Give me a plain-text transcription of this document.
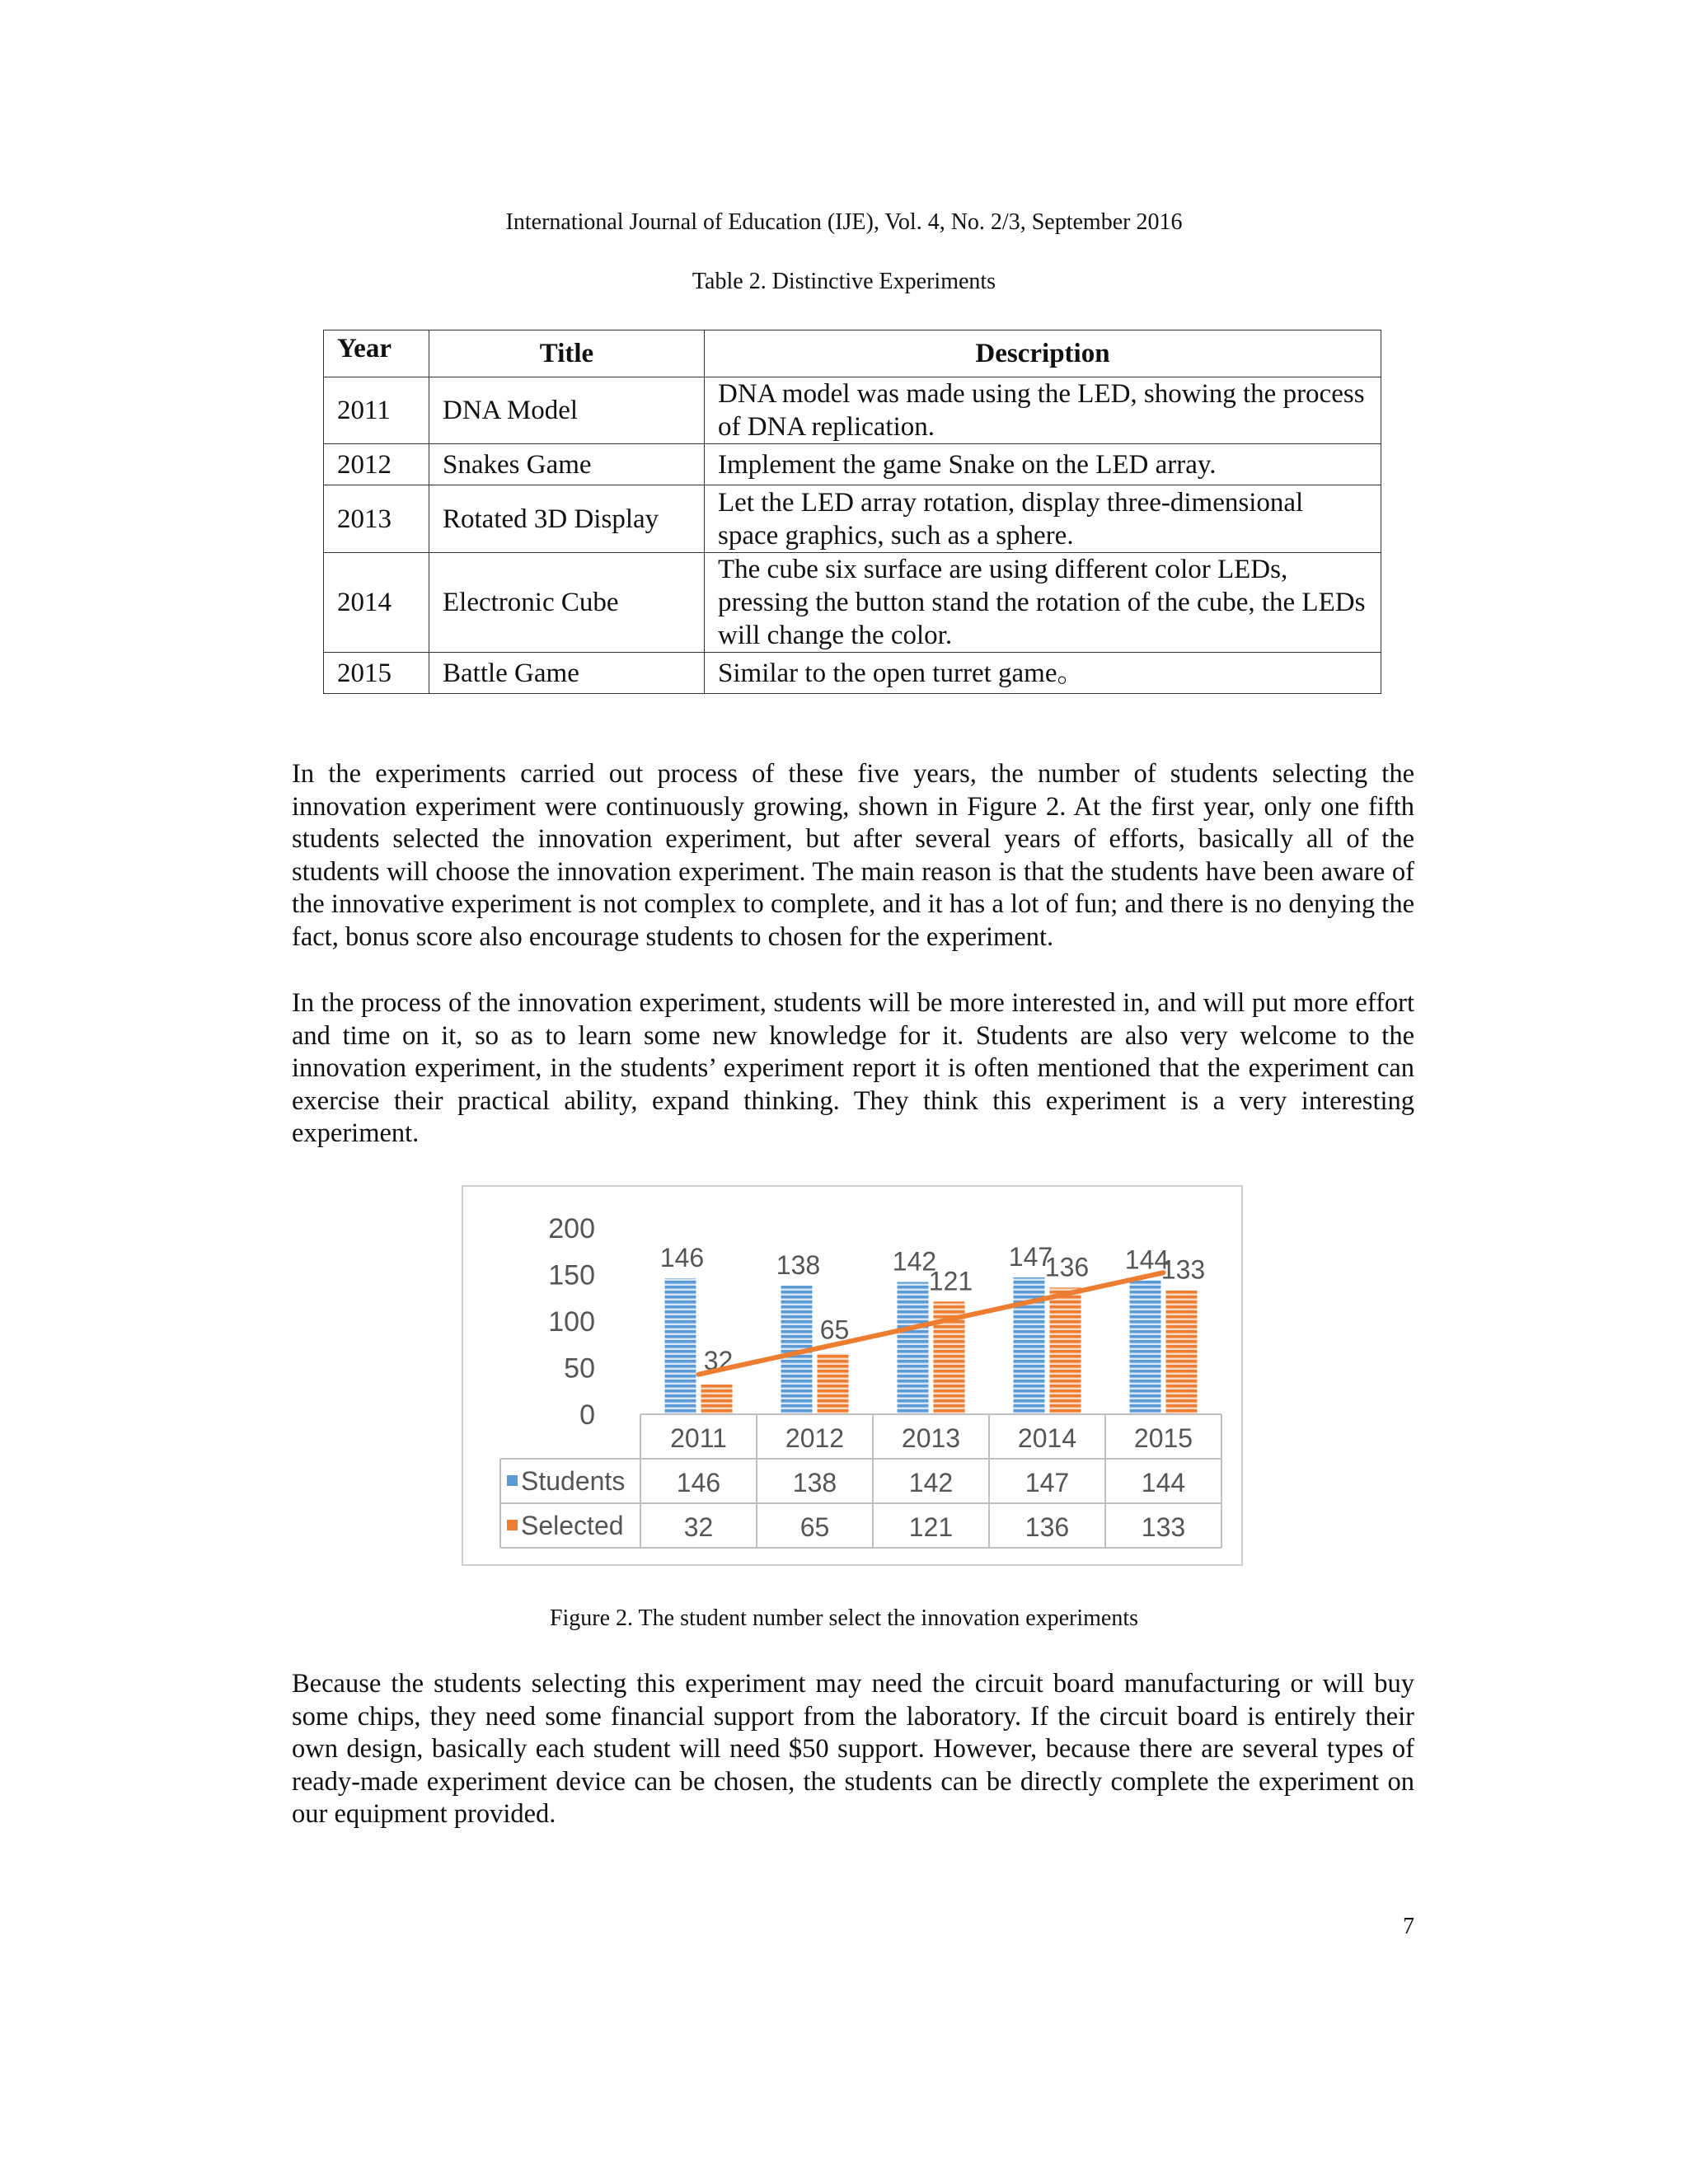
International Journal of Education (IJE), Vol. 4, No. 2/3, September 2016
Table 2. Distinctive Experiments
Year	Title	Description
2011	DNA Model	DNA model was made using the LED, showing the process of DNA replication.
2012	Snakes Game	Implement the game Snake on the LED array.
2013	Rotated 3D Display	Let the LED array rotation, display three-dimensional space graphics, such as a sphere.
2014	Electronic Cube	The cube six surface are using different color LEDs, pressing the button stand the rotation of the cube, the LEDs will change the color.
2015	Battle Game	Similar to the open turret game。

In the experiments carried out process of these five years, the number of students selecting the innovation experiment were continuously growing, shown in Figure 2. At the first year, only one fifth students selected the innovation experiment, but after several years of efforts, basically all of the students will choose the innovation experiment. The main reason is that the students have been aware of the innovative experiment is not complex to complete, and it has a lot of fun; and there is no denying the fact, bonus score also encourage students to chosen for the experiment.

In the process of the innovation experiment, students will be more interested in, and will put more effort and time on it, so as to learn some new knowledge for it. Students are also very welcome to the innovation experiment, in the students’ experiment report it is often mentioned that the experiment can exercise their practical ability, expand thinking. They think this experiment is a very interesting experiment.

0
50
100
150
200
146
32
138
65
142
121
147
136 144
133
2011 2012 2013 2014 2015
Students 146	138	142	147	144
Selected 32	65	121	136	133
Figure 2. The student number select the innovation experiments

Because the students selecting this experiment may need the circuit board manufacturing or will buy some chips, they need some financial support from the laboratory. If the circuit board is entirely their own design, basically each student will need $50 support. However, because there are several types of ready-made experiment device can be chosen, the students can be directly complete the experiment on our equipment provided.

7
